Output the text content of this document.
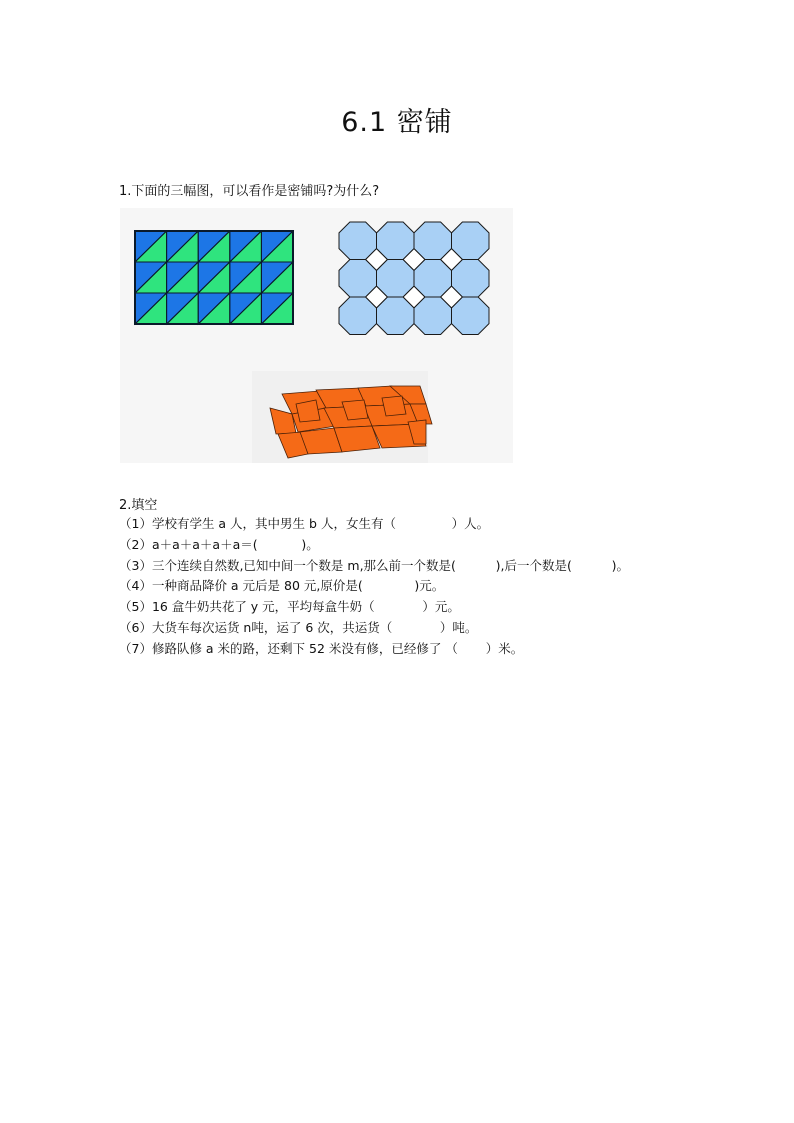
6.1 密铺
1.下面的三幅图，可以看作是密铺吗?为什么?
2.填空
（1）学校有学生 a 人，其中男生 b 人，女生有（              ）人。
（2）a＋a＋a＋a＋a＝(           )。
（3）三个连续自然数,已知中间一个数是 m,那么前一个数是(          ),后一个数是(          )。
（4）一种商品降价 a 元后是 80 元,原价是(             )元。
（5）16 盒牛奶共花了 y 元，平均每盒牛奶（            ）元。
（6）大货车每次运货 n吨，运了 6 次，共运货（            ）吨。
（7）修路队修 a 米的路，还剩下 52 米没有修，已经修了 （       ）米。
